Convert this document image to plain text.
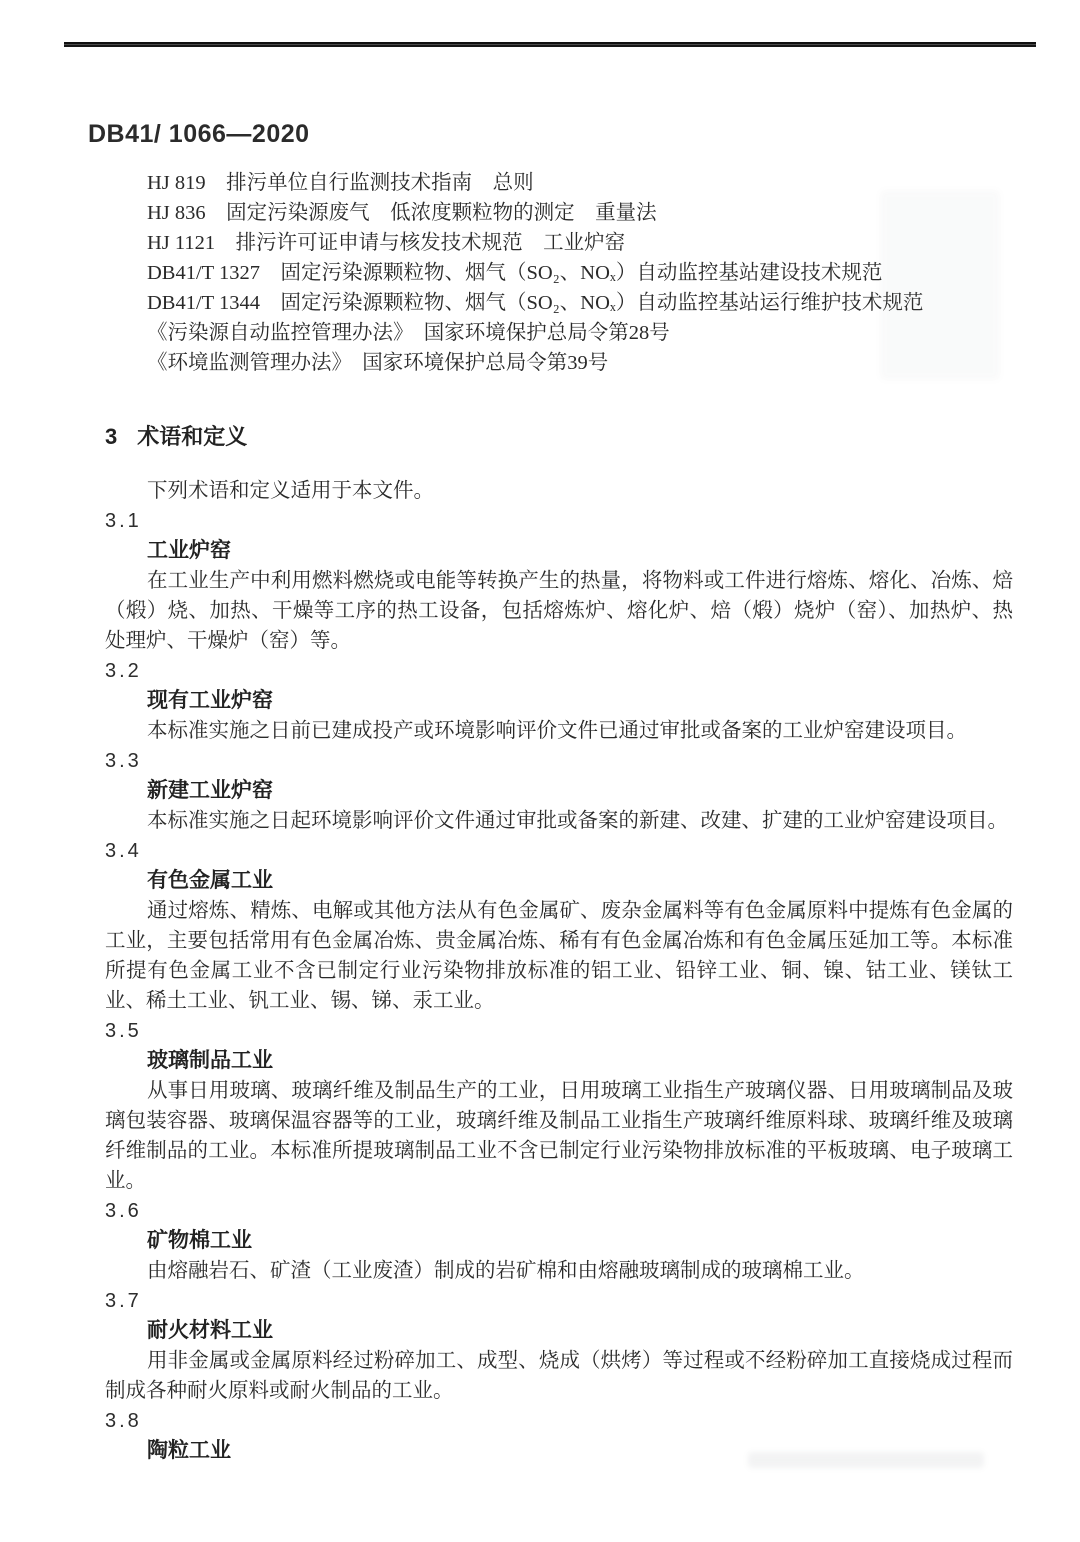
DB41/ 1066—2020

HJ 819　排污单位自行监测技术指南　总则

HJ 836　固定污染源废气　低浓度颗粒物的测定　重量法

HJ 1121　排污许可证申请与核发技术规范　工业炉窑

DB41/T 1327　固定污染源颗粒物、烟气（SO₂、NOₓ）自动监控基站建设技术规范

DB41/T 1344　固定污染源颗粒物、烟气（SO₂、NOₓ）自动监控基站运行维护技术规范

《污染源自动监控管理办法》　国家环境保护总局令第28号

《环境监测管理办法》　国家环境保护总局令第39号

3 术语和定义

下列术语和定义适用于本文件。

3.1

工业炉窑

在工业生产中利用燃料燃烧或电能等转换产生的热量，将物料或工件进行熔炼、熔化、冶炼、焙（煅）烧、加热、干燥等工序的热工设备，包括熔炼炉、熔化炉、焙（煅）烧炉（窑）、加热炉、热处理炉、干燥炉（窑）等。

3.2

现有工业炉窑

本标准实施之日前已建成投产或环境影响评价文件已通过审批或备案的工业炉窑建设项目。

3.3

新建工业炉窑

本标准实施之日起环境影响评价文件通过审批或备案的新建、改建、扩建的工业炉窑建设项目。

3.4

有色金属工业

通过熔炼、精炼、电解或其他方法从有色金属矿、废杂金属料等有色金属原料中提炼有色金属的工业，主要包括常用有色金属冶炼、贵金属冶炼、稀有有色金属冶炼和有色金属压延加工等。本标准所提有色金属工业不含已制定行业污染物排放标准的铝工业、铅锌工业、铜、镍、钴工业、镁钛工业、稀土工业、钒工业、锡、锑、汞工业。

3.5

玻璃制品工业

从事日用玻璃、玻璃纤维及制品生产的工业，日用玻璃工业指生产玻璃仪器、日用玻璃制品及玻璃包装容器、玻璃保温容器等的工业，玻璃纤维及制品工业指生产玻璃纤维原料球、玻璃纤维及玻璃纤维制品的工业。本标准所提玻璃制品工业不含已制定行业污染物排放标准的平板玻璃、电子玻璃工业。

3.6

矿物棉工业

由熔融岩石、矿渣（工业废渣）制成的岩矿棉和由熔融玻璃制成的玻璃棉工业。

3.7

耐火材料工业

用非金属或金属原料经过粉碎加工、成型、烧成（烘烤）等过程或不经粉碎加工直接烧成过程而制成各种耐火原料或耐火制品的工业。

3.8

陶粒工业
